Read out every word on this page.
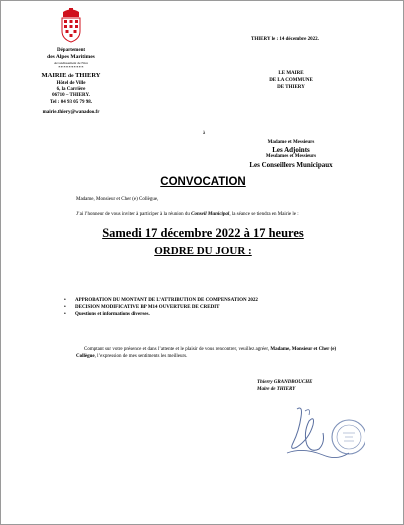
Département
des Alpes Maritimes
Arrondissement de Nice
**********
MAIRIE de THIERY
Hôtel de Ville
6, la Carrière
06710 – THIERY.
Tel : 04 93 05 79 98.
mairie.thiery@wanadoo.fr
THIERY le : 14 décembre 2022.
LE MAIRE
DE LA COMMUNE
DE THIERY
à
Madame et Messieurs
Les Adjoints
Mesdames et Messieurs
Les Conseillers Municipaux
CONVOCATION
Madame, Monsieur et Cher (e) Collègue,
J’ai l’honneur de vous inviter à participer à la réunion du Conseil Municipal, la séance se tiendra en Mairie le :
Samedi 17 décembre 2022 à 17 heures
ORDRE DU JOUR :
• APPROBATION DU MONTANT DE L’ATTRIBUTION DE COMPENSATION 2022
• DECISION MODIFICATIVE BP M14 OUVERTURE DE CREDIT
• Questions et informations diverses.
Comptant sur votre présence et dans l’attente et le plaisir de vous rencontrer, veuillez agréer, Madame, Monsieur et Cher (e) Collègue, l’expression de mes sentiments les meilleurs.
Thierry GRANDBOUCHE
Maire de THIERY
